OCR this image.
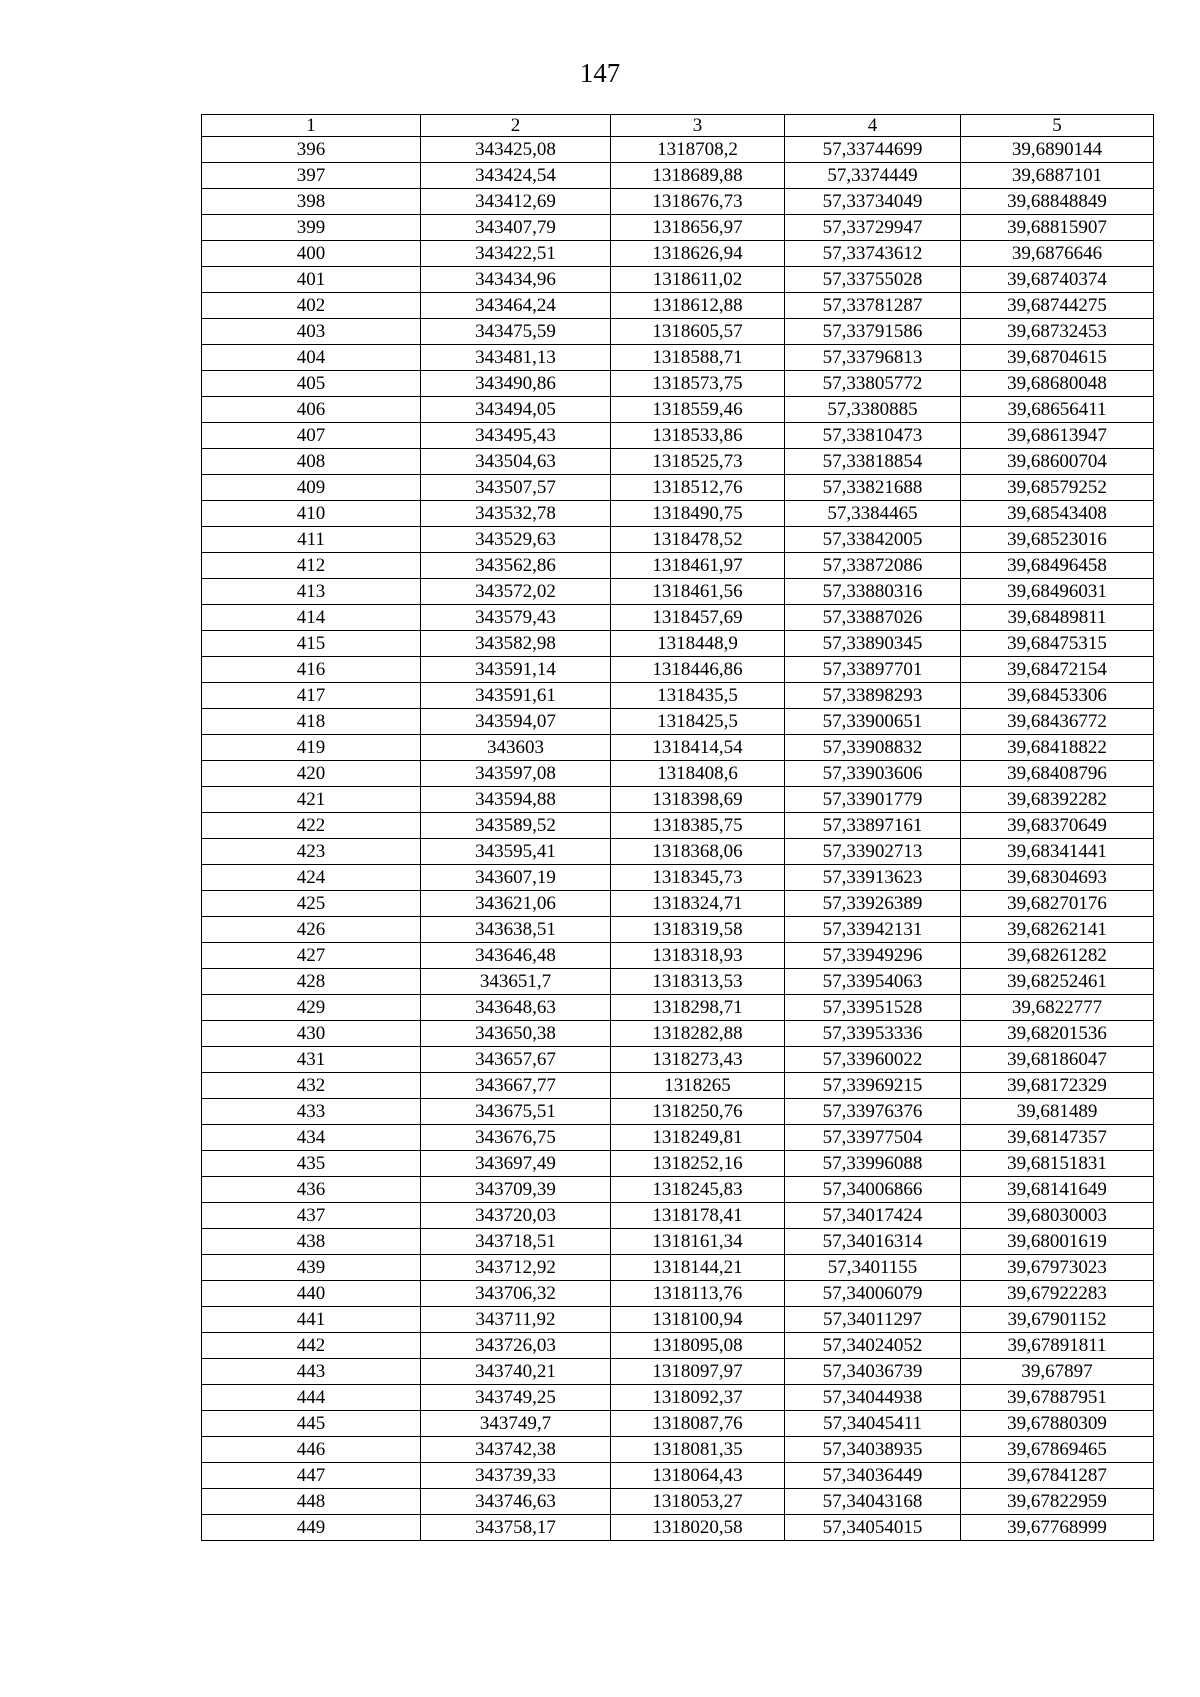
147
1	2	3	4	5
396	343425,08	1318708,2	57,33744699	39,6890144
397	343424,54	1318689,88	57,3374449	39,6887101
398	343412,69	1318676,73	57,33734049	39,68848849
399	343407,79	1318656,97	57,33729947	39,68815907
400	343422,51	1318626,94	57,33743612	39,6876646
401	343434,96	1318611,02	57,33755028	39,68740374
402	343464,24	1318612,88	57,33781287	39,68744275
403	343475,59	1318605,57	57,33791586	39,68732453
404	343481,13	1318588,71	57,33796813	39,68704615
405	343490,86	1318573,75	57,33805772	39,68680048
406	343494,05	1318559,46	57,3380885	39,68656411
407	343495,43	1318533,86	57,33810473	39,68613947
408	343504,63	1318525,73	57,33818854	39,68600704
409	343507,57	1318512,76	57,33821688	39,68579252
410	343532,78	1318490,75	57,3384465	39,68543408
411	343529,63	1318478,52	57,33842005	39,68523016
412	343562,86	1318461,97	57,33872086	39,68496458
413	343572,02	1318461,56	57,33880316	39,68496031
414	343579,43	1318457,69	57,33887026	39,68489811
415	343582,98	1318448,9	57,33890345	39,68475315
416	343591,14	1318446,86	57,33897701	39,68472154
417	343591,61	1318435,5	57,33898293	39,68453306
418	343594,07	1318425,5	57,33900651	39,68436772
419	343603	1318414,54	57,33908832	39,68418822
420	343597,08	1318408,6	57,33903606	39,68408796
421	343594,88	1318398,69	57,33901779	39,68392282
422	343589,52	1318385,75	57,33897161	39,68370649
423	343595,41	1318368,06	57,33902713	39,68341441
424	343607,19	1318345,73	57,33913623	39,68304693
425	343621,06	1318324,71	57,33926389	39,68270176
426	343638,51	1318319,58	57,33942131	39,68262141
427	343646,48	1318318,93	57,33949296	39,68261282
428	343651,7	1318313,53	57,33954063	39,68252461
429	343648,63	1318298,71	57,33951528	39,6822777
430	343650,38	1318282,88	57,33953336	39,68201536
431	343657,67	1318273,43	57,33960022	39,68186047
432	343667,77	1318265	57,33969215	39,68172329
433	343675,51	1318250,76	57,33976376	39,681489
434	343676,75	1318249,81	57,33977504	39,68147357
435	343697,49	1318252,16	57,33996088	39,68151831
436	343709,39	1318245,83	57,34006866	39,68141649
437	343720,03	1318178,41	57,34017424	39,68030003
438	343718,51	1318161,34	57,34016314	39,68001619
439	343712,92	1318144,21	57,3401155	39,67973023
440	343706,32	1318113,76	57,34006079	39,67922283
441	343711,92	1318100,94	57,34011297	39,67901152
442	343726,03	1318095,08	57,34024052	39,67891811
443	343740,21	1318097,97	57,34036739	39,67897
444	343749,25	1318092,37	57,34044938	39,67887951
445	343749,7	1318087,76	57,34045411	39,67880309
446	343742,38	1318081,35	57,34038935	39,67869465
447	343739,33	1318064,43	57,34036449	39,67841287
448	343746,63	1318053,27	57,34043168	39,67822959
449	343758,17	1318020,58	57,34054015	39,67768999
